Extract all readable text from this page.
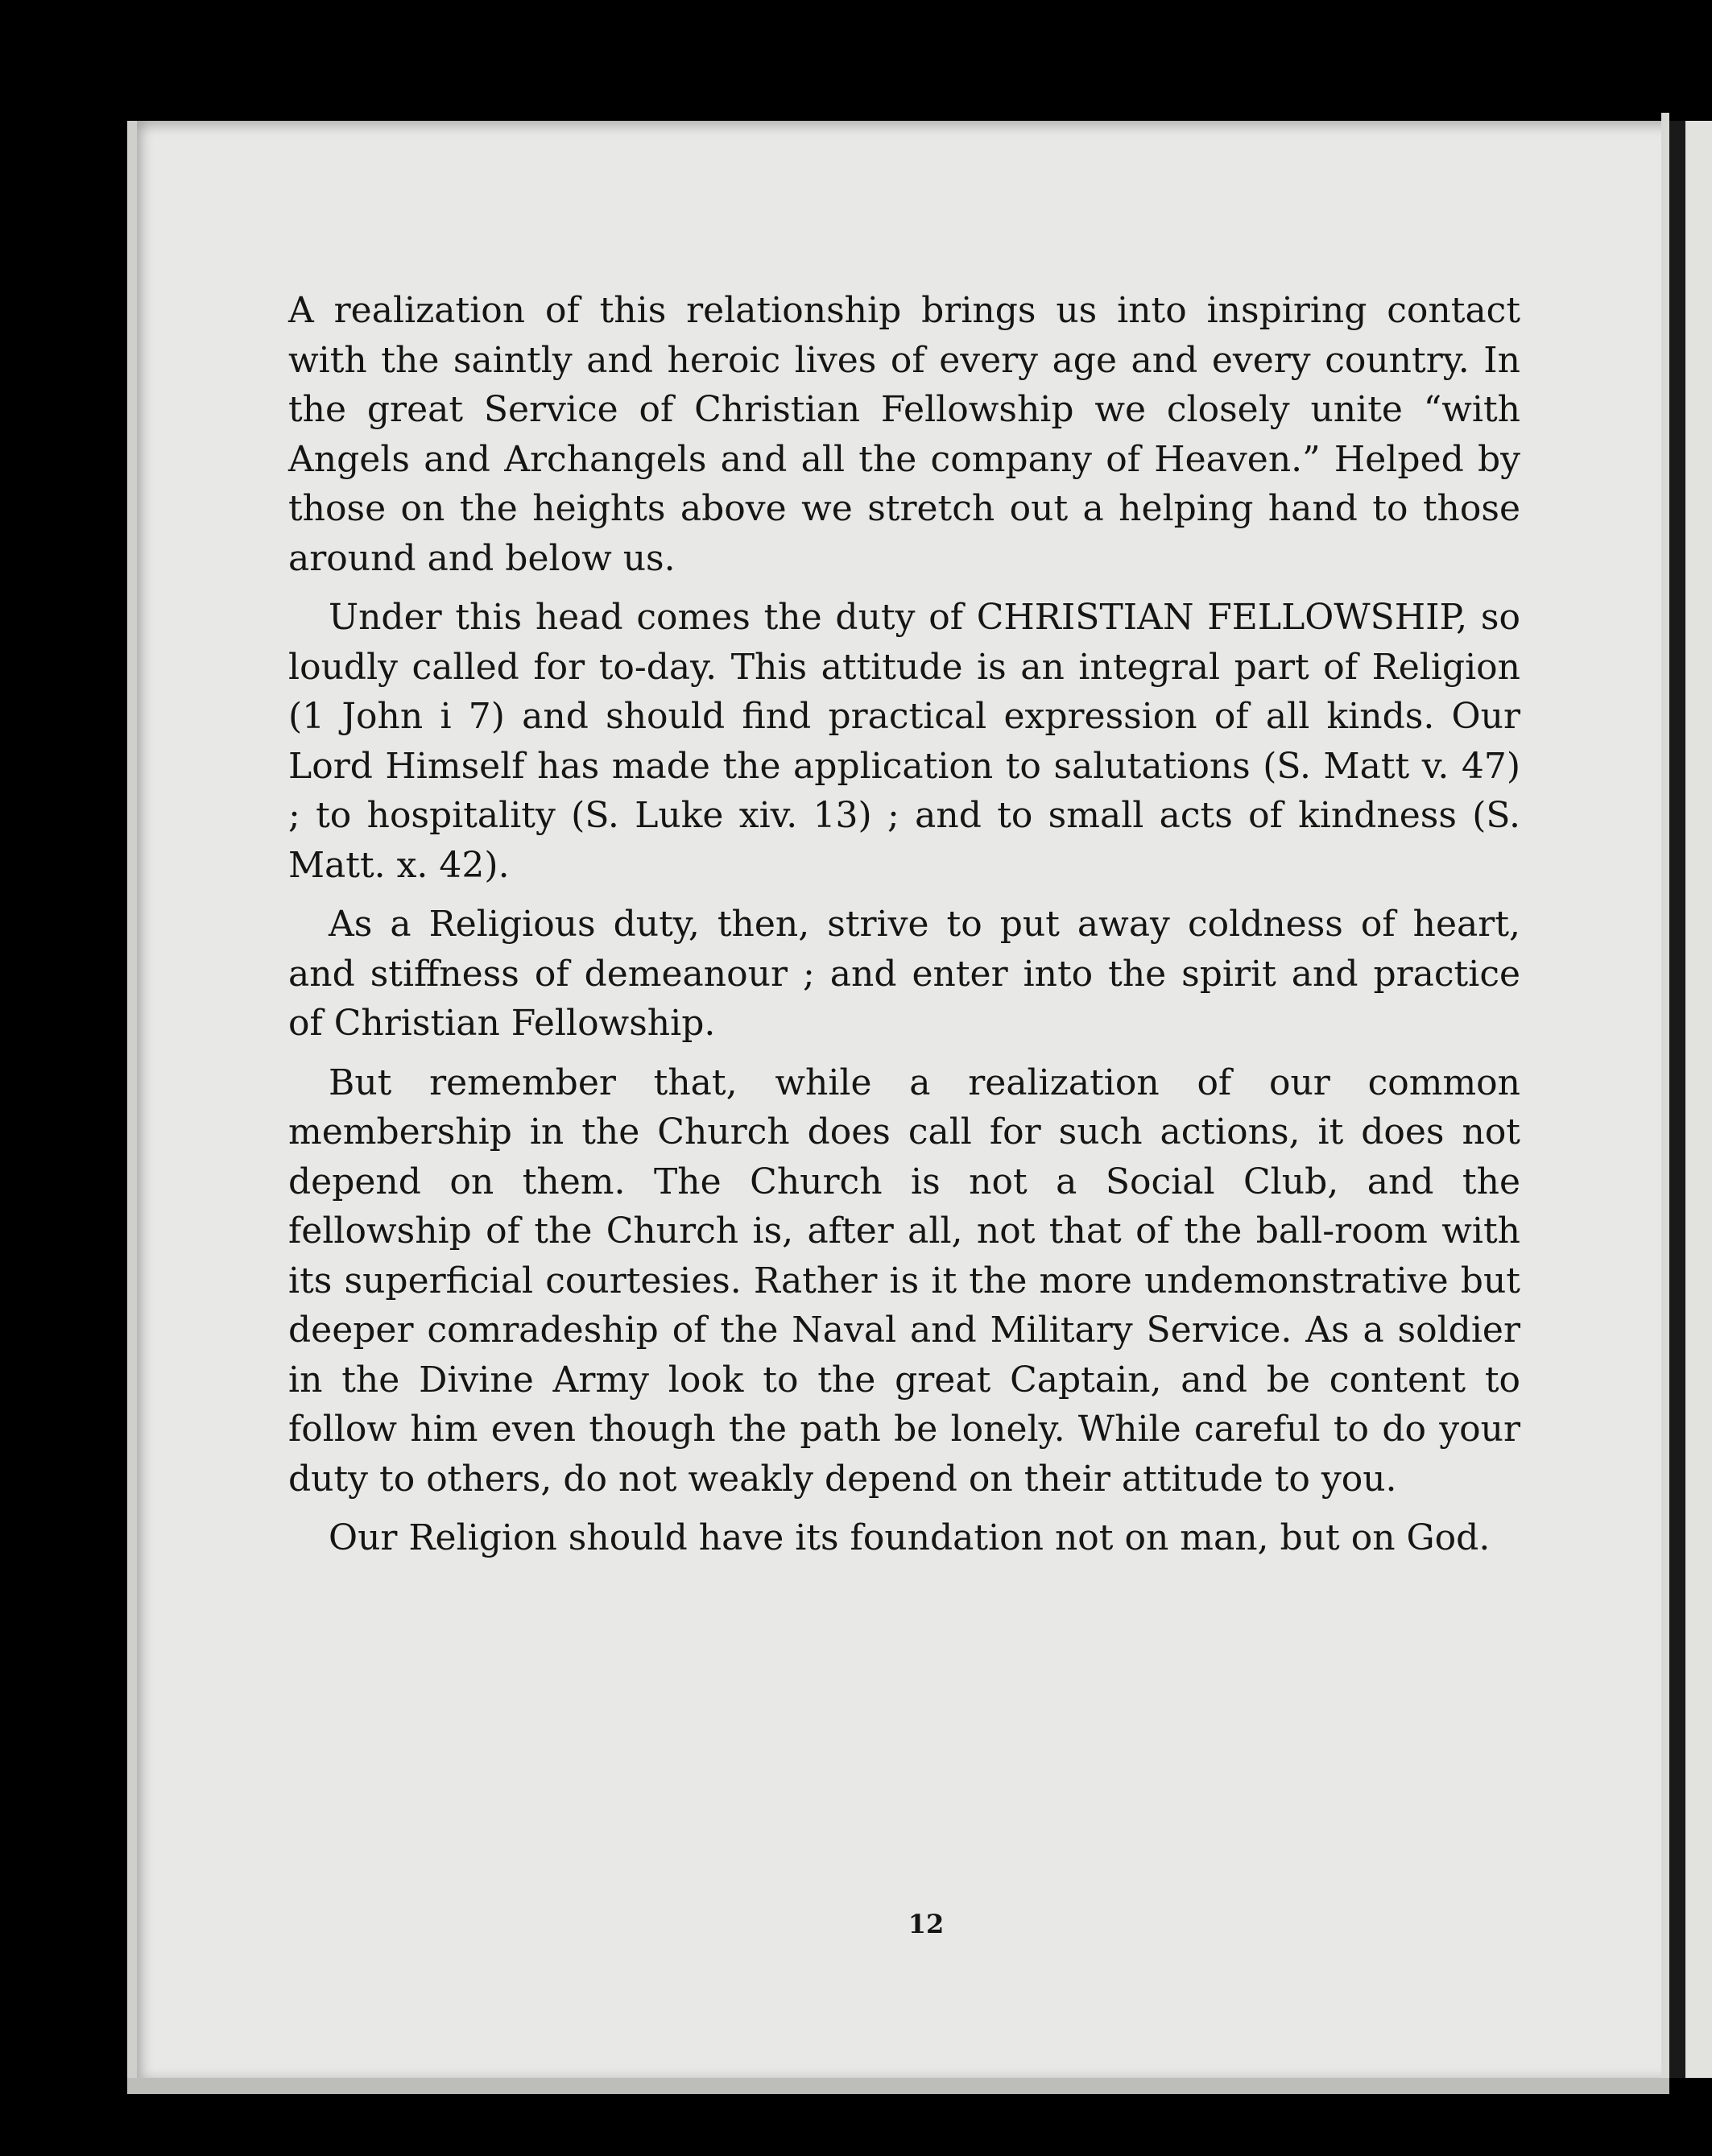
A realization of this relationship brings us into inspiring contact with the saintly and heroic lives of every age and every country. In the great Service of Christian Fellowship we closely unite “with Angels and Archangels and all the company of Heaven.” Helped by those on the heights above we stretch out a helping hand to those around and below us.

Under this head comes the duty of CHRISTIAN FELLOWSHIP, so loudly called for to-day. This attitude is an integral part of Religion (1 John i 7) and should find practical expression of all kinds. Our Lord Himself has made the application to salutations (S. Matt v. 47) ; to hospitality (S. Luke xiv. 13) ; and to small acts of kindness (S. Matt. x. 42).

As a Religious duty, then, strive to put away coldness of heart, and stiffness of demeanour ; and enter into the spirit and practice of Christian Fellowship.

But remember that, while a realization of our common membership in the Church does call for such actions, it does not depend on them. The Church is not a Social Club, and the fellowship of the Church is, after all, not that of the ball-room with its superficial courtesies. Rather is it the more undemonstrative but deeper comradeship of the Naval and Military Service. As a soldier in the Divine Army look to the great Captain, and be content to follow him even though the path be lonely. While careful to do your duty to others, do not weakly depend on their attitude to you.

Our Religion should have its foundation not on man, but on God.

12
